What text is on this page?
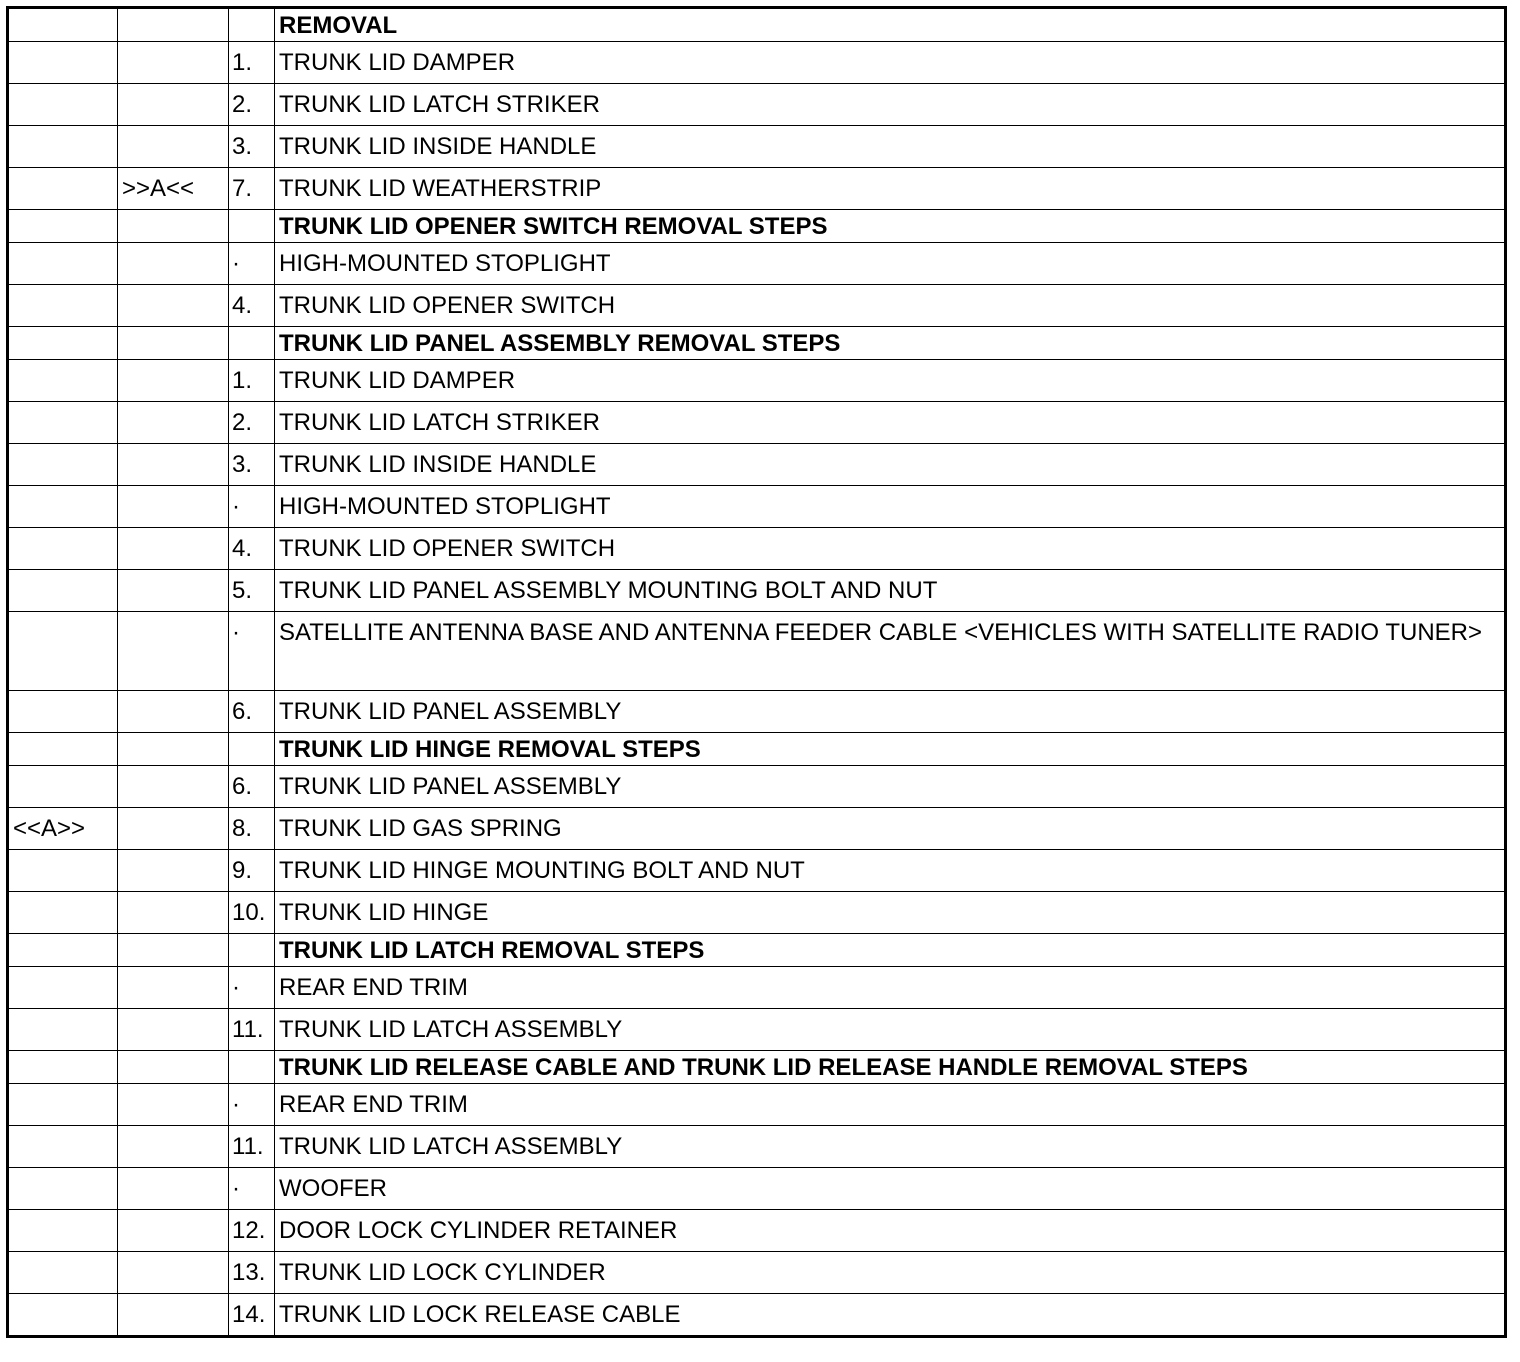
			REMOVAL
		1.	TRUNK LID DAMPER
		2.	TRUNK LID LATCH STRIKER
		3.	TRUNK LID INSIDE HANDLE
	>>A<<	7.	TRUNK LID WEATHERSTRIP
			TRUNK LID OPENER SWITCH REMOVAL STEPS
		·	HIGH-MOUNTED STOPLIGHT
		4.	TRUNK LID OPENER SWITCH
			TRUNK LID PANEL ASSEMBLY REMOVAL STEPS
		1.	TRUNK LID DAMPER
		2.	TRUNK LID LATCH STRIKER
		3.	TRUNK LID INSIDE HANDLE
		·	HIGH-MOUNTED STOPLIGHT
		4.	TRUNK LID OPENER SWITCH
		5.	TRUNK LID PANEL ASSEMBLY MOUNTING BOLT AND NUT
		·	SATELLITE ANTENNA BASE AND ANTENNA FEEDER CABLE <VEHICLES WITH SATELLITE RADIO TUNER>
		6.	TRUNK LID PANEL ASSEMBLY
			TRUNK LID HINGE REMOVAL STEPS
		6.	TRUNK LID PANEL ASSEMBLY
<<A>>		8.	TRUNK LID GAS SPRING
		9.	TRUNK LID HINGE MOUNTING BOLT AND NUT
		10.	TRUNK LID HINGE
			TRUNK LID LATCH REMOVAL STEPS
		·	REAR END TRIM
		11.	TRUNK LID LATCH ASSEMBLY
			TRUNK LID RELEASE CABLE AND TRUNK LID RELEASE HANDLE REMOVAL STEPS
		·	REAR END TRIM
		11.	TRUNK LID LATCH ASSEMBLY
		·	WOOFER
		12.	DOOR LOCK CYLINDER RETAINER
		13.	TRUNK LID LOCK CYLINDER
		14.	TRUNK LID LOCK RELEASE CABLE
